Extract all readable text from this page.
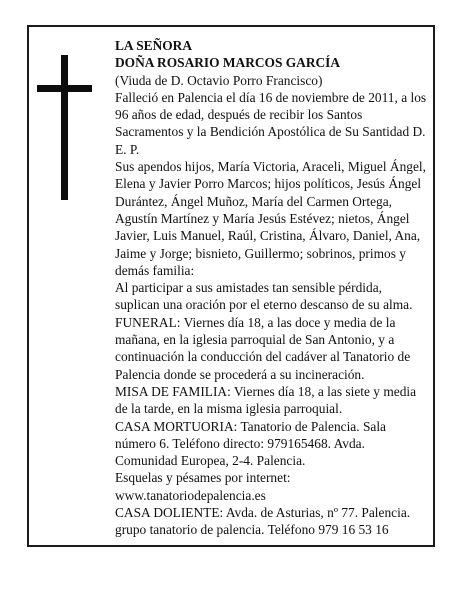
LA SEÑORA

DOÑA ROSARIO MARCOS GARCÍA

(Viuda de D. Octavio Porro Francisco)

Falleció en Palencia el día 16 de noviembre de 2011, a los 96 años de edad, después de recibir los Santos Sacramentos y la Bendición Apostólica de Su Santidad D. E. P.

Sus apendos hijos, María Victoria, Araceli, Miguel Ángel, Elena y Javier Porro Marcos; hijos políticos, Jesús Ángel Durántez, Ángel Muñoz, María del Carmen Ortega, Agustín Martínez y María Jesús Estévez; nietos, Ángel Javier, Luis Manuel, Raúl, Cristina, Álvaro, Daniel, Ana, Jaime y Jorge; bisnieto, Guillermo; sobrinos, primos y demás familia:

Al participar a sus amistades tan sensible pérdida, suplican una oración por el eterno descanso de su alma.

FUNERAL: Viernes día 18, a las doce y media de la mañana, en la iglesia parroquial de San Antonio, y a continuación la conducción del cadáver al Tanatorio de Palencia donde se procederá a su incineración.

MISA DE FAMILIA: Viernes día 18, a las siete y media de la tarde, en la misma iglesia parroquial.

CASA MORTUORIA: Tanatorio de Palencia. Sala número 6. Teléfono directo: 979165468. Avda. Comunidad Europea, 2-4. Palencia.

Esquelas y pésames por internet:

www.tanatoriodepalencia.es

CASA DOLIENTE: Avda. de Asturias, nº 77. Palencia.

grupo tanatorio de palencia. Teléfono 979 16 53 16
